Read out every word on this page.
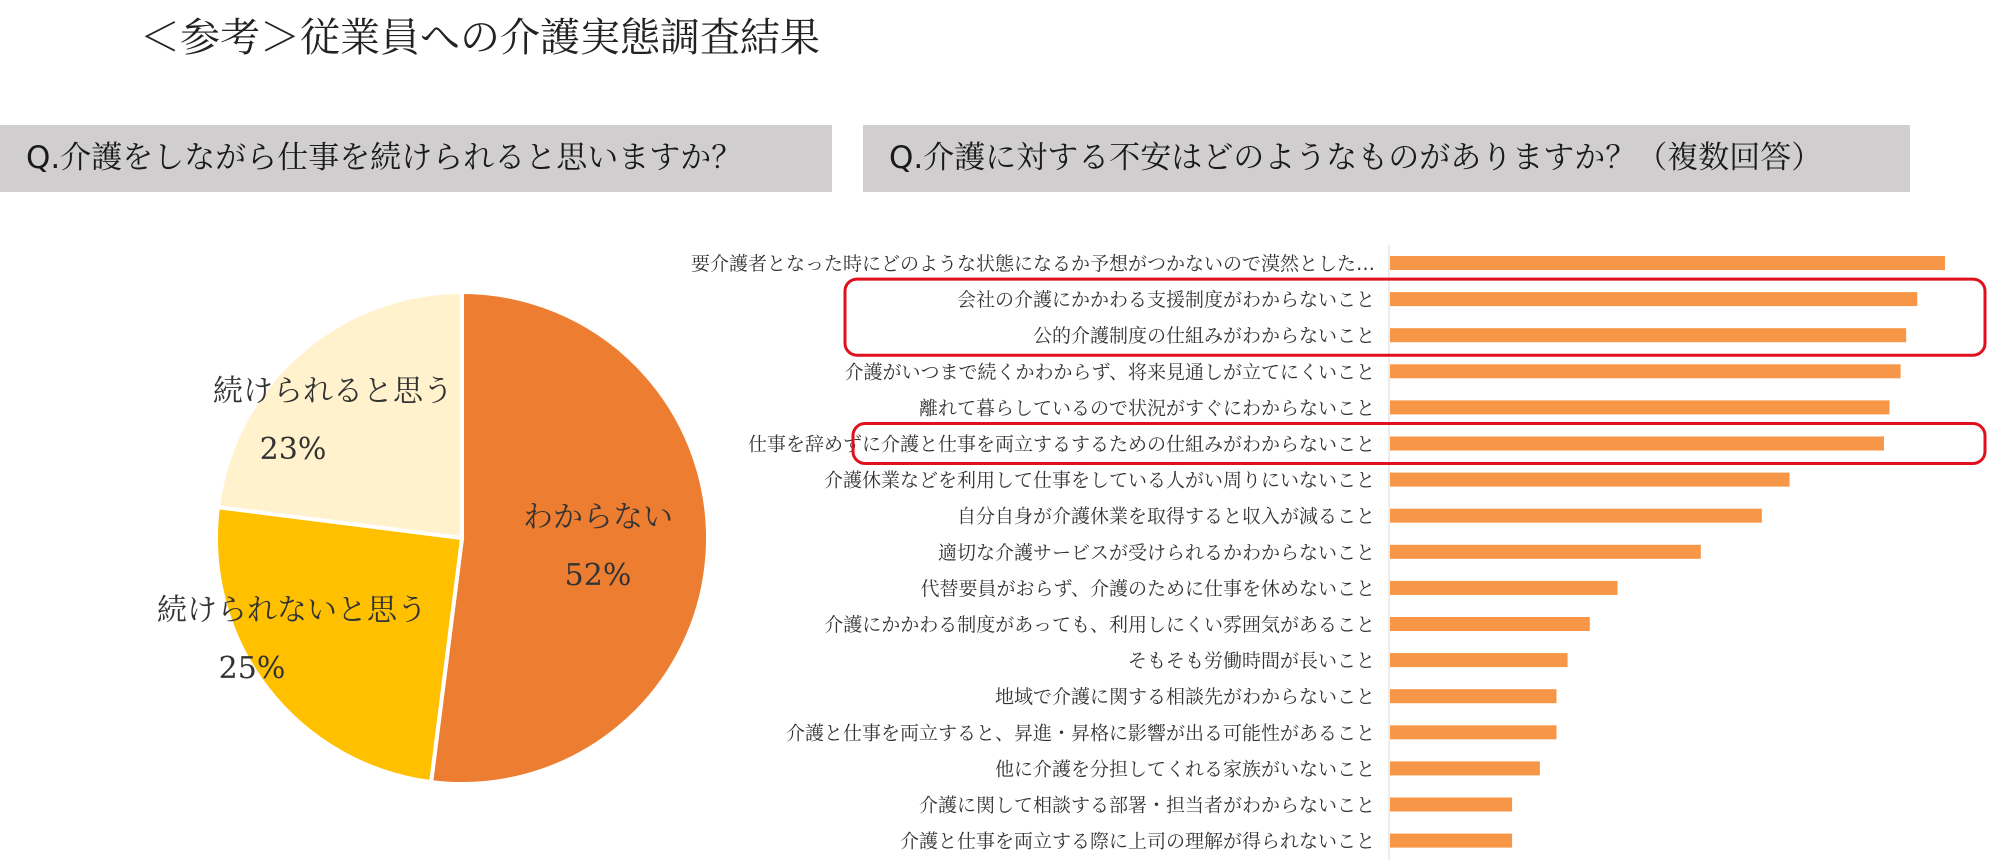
＜参考＞従業員への介護実態調査結果
Q.介護をしながら仕事を続けられると思いますか？	Q.介護に対する不安はどのようなものがありますか？（複数回答）
わからない
52%
続けられないと思う
25%
続けられると思う
23%
要介護者となった時にどのような状態になるか予想がつかないので漠然とした…
会社の介護にかかわる支援制度がわからないこと
公的介護制度の仕組みがわからないこと
介護がいつまで続くかわからず、将来見通しが立てにくいこと
離れて暮らしているので状況がすぐにわからないこと
仕事を辞めずに介護と仕事を両立するするための仕組みがわからないこと
介護休業などを利用して仕事をしている人がい周りにいないこと
自分自身が介護休業を取得すると収入が減ること
適切な介護サービスが受けられるかわからないこと
代替要員がおらず、介護のために仕事を休めないこと
介護にかかわる制度があっても、利用しにくい雰囲気があること
そもそも労働時間が長いこと
地域で介護に関する相談先がわからないこと
介護と仕事を両立すると、昇進・昇格に影響が出る可能性があること
他に介護を分担してくれる家族がいないこと
介護に関して相談する部署・担当者がわからないこと
介護と仕事を両立する際に上司の理解が得られないこと
